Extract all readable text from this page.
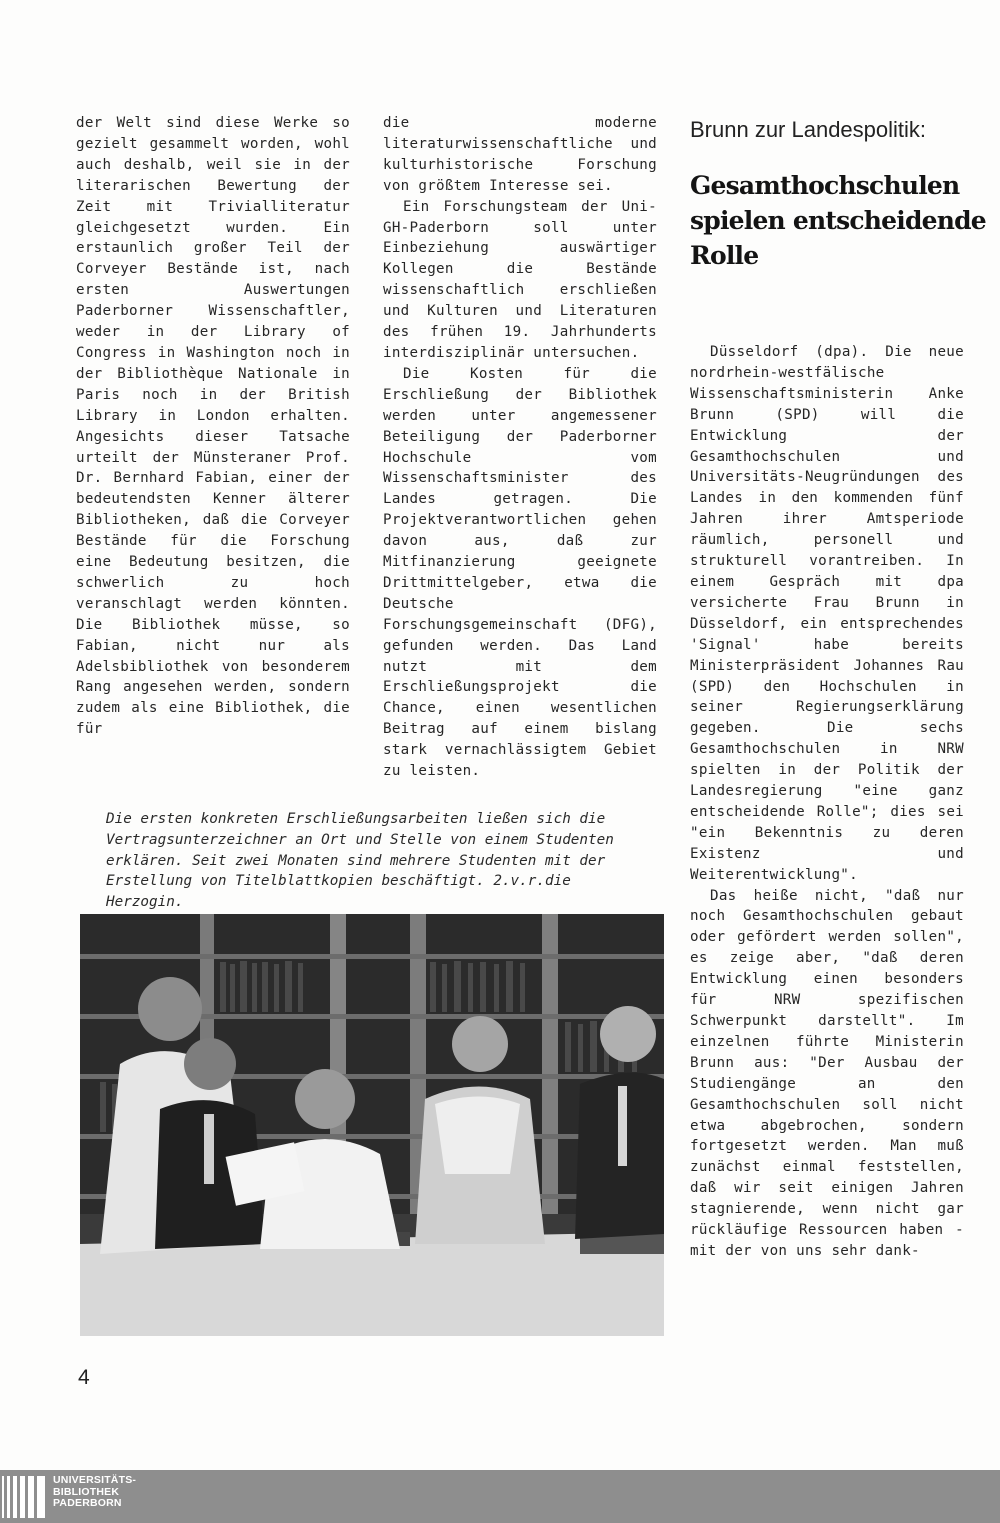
der Welt sind diese Werke so gezielt gesammelt worden, wohl auch deshalb, weil sie in der literarischen Bewertung der Zeit mit Trivialliteratur gleichgesetzt wurden. Ein erstaunlich großer Teil der Corveyer Bestände ist, nach ersten Auswertungen Paderborner Wissenschaftler, weder in der Library of Congress in Washington noch in der Bibliothèque Nationale in Paris noch in der British Library in London erhalten. Angesichts dieser Tatsache urteilt der Münsteraner Prof. Dr. Bernhard Fabian, einer der bedeutendsten Kenner älterer Bibliotheken, daß die Corveyer Bestände für die Forschung eine Bedeutung besitzen, die schwerlich zu hoch veranschlagt werden könnten. Die Bibliothek müsse, so Fabian, nicht nur als Adelsbibliothek von besonderem Rang angesehen werden, sondern zudem als eine Bibliothek, die für

die moderne literaturwissenschaftliche und kulturhistorische Forschung von größtem Interesse sei.

Ein Forschungsteam der Uni-GH-Paderborn soll unter Einbeziehung auswärtiger Kollegen die Bestände wissenschaftlich erschließen und Kulturen und Literaturen des frühen 19. Jahrhunderts interdisziplinär untersuchen.

Die Kosten für die Erschließung der Bibliothek werden unter angemessener Beteiligung der Paderborner Hochschule vom Wissenschaftsminister des Landes getragen. Die Projektverantwortlichen gehen davon aus, daß zur Mitfinanzierung geeignete Drittmittelgeber, etwa die Deutsche Forschungsgemeinschaft (DFG), gefunden werden. Das Land nutzt mit dem Erschließungsprojekt die Chance, einen wesentlichen Beitrag auf einem bislang stark vernachlässigtem Gebiet zu leisten.

Brunn zur Landespolitik:
Gesamthochschulen spielen entscheidende Rolle

Düsseldorf (dpa). Die neue nordrhein-westfälische Wissenschaftsministerin Anke Brunn (SPD) will die Entwicklung der Gesamthochschulen und Universitäts-Neugründungen des Landes in den kommenden fünf Jahren ihrer Amtsperiode räumlich, personell und strukturell vorantreiben. In einem Gespräch mit dpa versicherte Frau Brunn in Düsseldorf, ein entsprechendes 'Signal' habe bereits Ministerpräsident Johannes Rau (SPD) den Hochschulen in seiner Regierungserklärung gegeben. Die sechs Gesamthochschulen in NRW spielten in der Politik der Landesregierung "eine ganz entscheidende Rolle"; dies sei "ein Bekenntnis zu deren Existenz und Weiterentwicklung".

Das heiße nicht, "daß nur noch Gesamthochschulen gebaut oder gefördert werden sollen", es zeige aber, "daß deren Entwicklung einen besonders für NRW spezifischen Schwerpunkt darstellt". Im einzelnen führte Ministerin Brunn aus: "Der Ausbau der Studiengänge an den Gesamthochschulen soll nicht etwa abgebrochen, sondern fortgesetzt werden. Man muß zunächst einmal feststellen, daß wir seit einigen Jahren stagnierende, wenn nicht gar rückläufige Ressourcen haben - mit der von uns sehr dank-

Die ersten konkreten Erschließungsarbeiten ließen sich die Vertragsunterzeichner an Ort und Stelle von einem Studenten erklären. Seit zwei Monaten sind mehrere Studenten mit der Erstellung von Titelblattkopien beschäftigt. 2.v.r.die Herzogin.
4
UNIVERSITÄTS-
BIBLIOTHEK
PADERBORN
